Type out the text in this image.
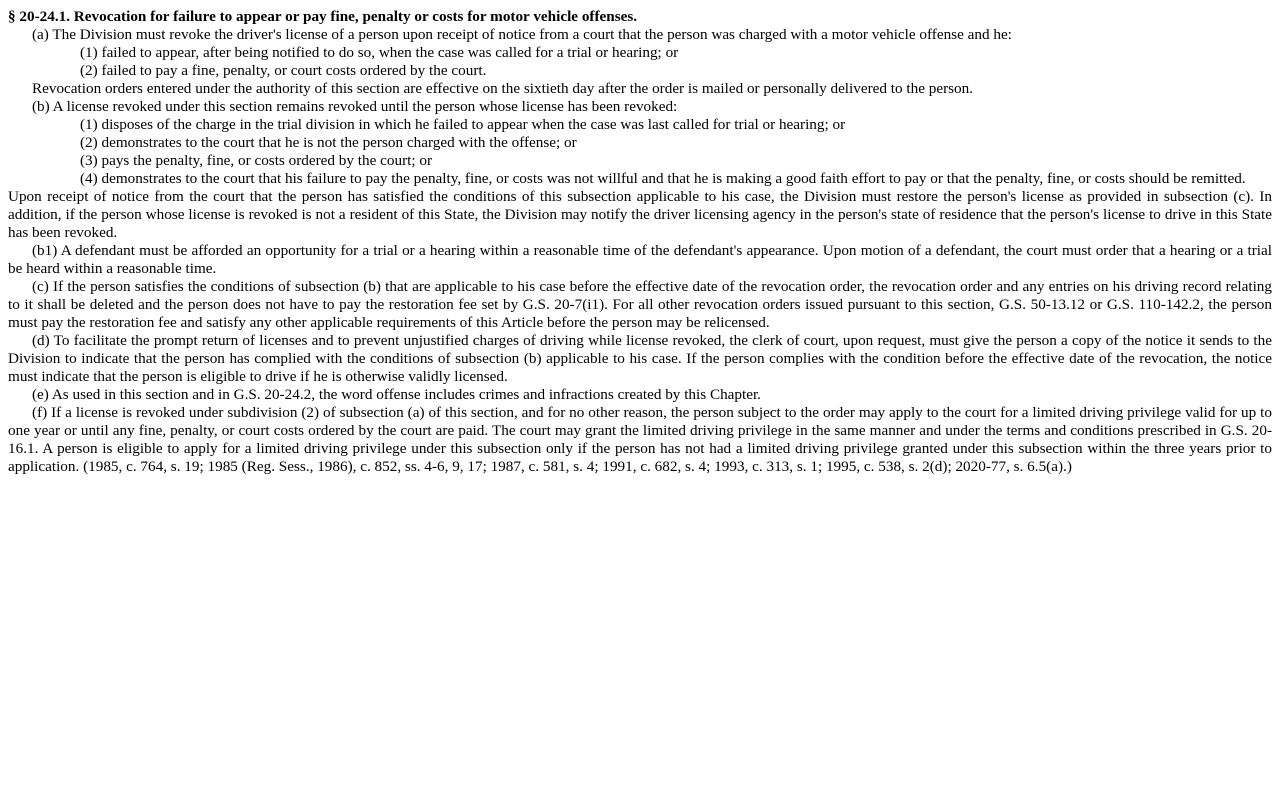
§ 20-24.1. Revocation for failure to appear or pay fine, penalty or costs for motor vehicle offenses.

(a) The Division must revoke the driver's license of a person upon receipt of notice from a court that the person was charged with a motor vehicle offense and he:

(1) failed to appear, after being notified to do so, when the case was called for a trial or hearing; or

(2) failed to pay a fine, penalty, or court costs ordered by the court.

Revocation orders entered under the authority of this section are effective on the sixtieth day after the order is mailed or personally delivered to the person.

(b) A license revoked under this section remains revoked until the person whose license has been revoked:

(1) disposes of the charge in the trial division in which he failed to appear when the case was last called for trial or hearing; or

(2) demonstrates to the court that he is not the person charged with the offense; or

(3) pays the penalty, fine, or costs ordered by the court; or

(4) demonstrates to the court that his failure to pay the penalty, fine, or costs was not willful and that he is making a good faith effort to pay or that the penalty, fine, or costs should be remitted.

Upon receipt of notice from the court that the person has satisfied the conditions of this subsection applicable to his case, the Division must restore the person's license as provided in subsection (c). In addition, if the person whose license is revoked is not a resident of this State, the Division may notify the driver licensing agency in the person's state of residence that the person's license to drive in this State has been revoked.

(b1) A defendant must be afforded an opportunity for a trial or a hearing within a reasonable time of the defendant's appearance. Upon motion of a defendant, the court must order that a hearing or a trial be heard within a reasonable time.

(c) If the person satisfies the conditions of subsection (b) that are applicable to his case before the effective date of the revocation order, the revocation order and any entries on his driving record relating to it shall be deleted and the person does not have to pay the restoration fee set by G.S. 20-7(i1). For all other revocation orders issued pursuant to this section, G.S. 50-13.12 or G.S. 110-142.2, the person must pay the restoration fee and satisfy any other applicable requirements of this Article before the person may be relicensed.

(d) To facilitate the prompt return of licenses and to prevent unjustified charges of driving while license revoked, the clerk of court, upon request, must give the person a copy of the notice it sends to the Division to indicate that the person has complied with the conditions of subsection (b) applicable to his case. If the person complies with the condition before the effective date of the revocation, the notice must indicate that the person is eligible to drive if he is otherwise validly licensed.

(e) As used in this section and in G.S. 20-24.2, the word offense includes crimes and infractions created by this Chapter.

(f) If a license is revoked under subdivision (2) of subsection (a) of this section, and for no other reason, the person subject to the order may apply to the court for a limited driving privilege valid for up to one year or until any fine, penalty, or court costs ordered by the court are paid. The court may grant the limited driving privilege in the same manner and under the terms and conditions prescribed in G.S. 20-16.1. A person is eligible to apply for a limited driving privilege under this subsection only if the person has not had a limited driving privilege granted under this subsection within the three years prior to application. (1985, c. 764, s. 19; 1985 (Reg. Sess., 1986), c. 852, ss. 4-6, 9, 17; 1987, c. 581, s. 4; 1991, c. 682, s. 4; 1993, c. 313, s. 1; 1995, c. 538, s. 2(d); 2020-77, s. 6.5(a).)
